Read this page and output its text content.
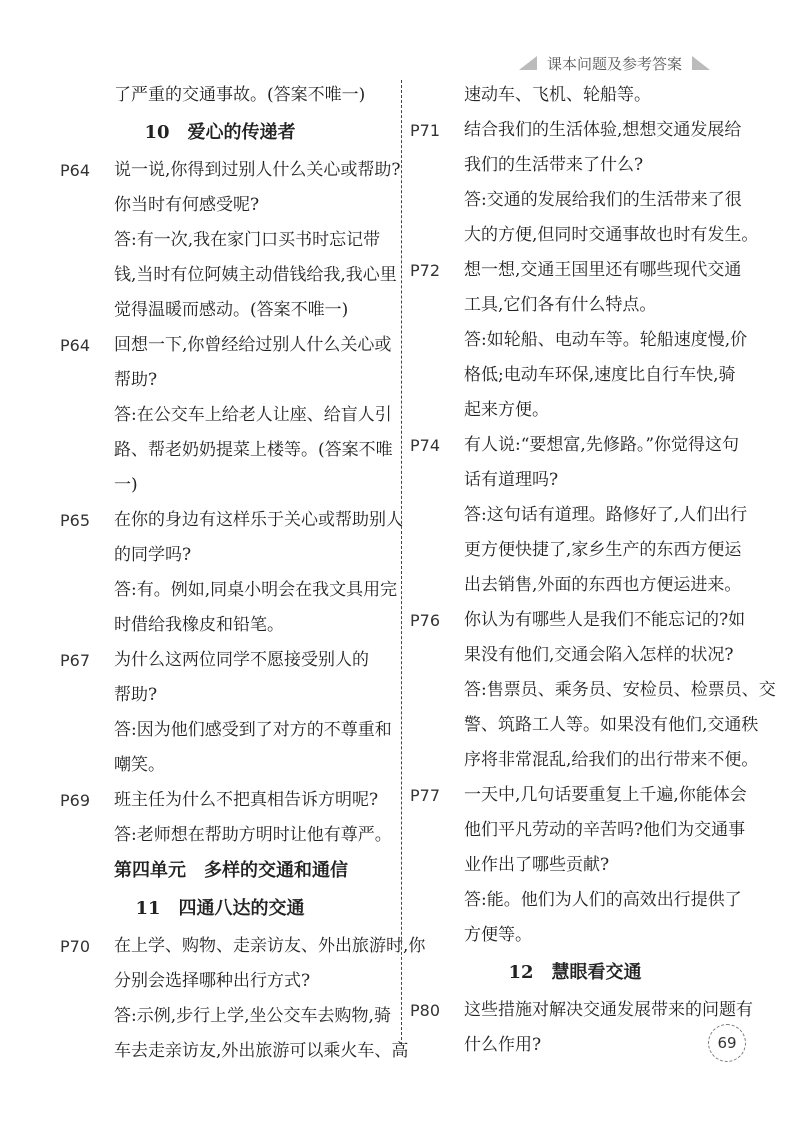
课本问题及参考答案
了严重的交通事故。(答案不唯一)
10　爱心的传递者
P64	说一说,你得到过别人什么关心或帮助?
你当时有何感受呢?
答:有一次,我在家门口买书时忘记带
钱,当时有位阿姨主动借钱给我,我心里
觉得温暖而感动。(答案不唯一)
P64	回想一下,你曾经给过别人什么关心或
帮助?
答:在公交车上给老人让座、给盲人引
路、帮老奶奶提菜上楼等。(答案不唯
一)
P65	在你的身边有这样乐于关心或帮助别人
的同学吗?
答:有。例如,同桌小明会在我文具用完
时借给我橡皮和铅笔。
P67	为什么这两位同学不愿接受别人的
帮助?
答:因为他们感受到了对方的不尊重和
嘲笑。
P69	班主任为什么不把真相告诉方明呢?
答:老师想在帮助方明时让他有尊严。
第四单元　多样的交通和通信
11　四通八达的交通
P70	在上学、购物、走亲访友、外出旅游时,你
分别会选择哪种出行方式?
答:示例,步行上学,坐公交车去购物,骑
车去走亲访友,外出旅游可以乘火车、高
速动车、飞机、轮船等。
P71	结合我们的生活体验,想想交通发展给
我们的生活带来了什么?
答:交通的发展给我们的生活带来了很
大的方便,但同时交通事故也时有发生。
P72	想一想,交通王国里还有哪些现代交通
工具,它们各有什么特点。
答:如轮船、电动车等。轮船速度慢,价
格低;电动车环保,速度比自行车快,骑
起来方便。
P74	有人说:“要想富,先修路。”你觉得这句
话有道理吗?
答:这句话有道理。路修好了,人们出行
更方便快捷了,家乡生产的东西方便运
出去销售,外面的东西也方便运进来。
P76	你认为有哪些人是我们不能忘记的?如
果没有他们,交通会陷入怎样的状况?
答:售票员、乘务员、安检员、检票员、交
警、筑路工人等。如果没有他们,交通秩
序将非常混乱,给我们的出行带来不便。
P77	一天中,几句话要重复上千遍,你能体会
他们平凡劳动的辛苦吗?他们为交通事
业作出了哪些贡献?
答:能。他们为人们的高效出行提供了
方便等。
12　慧眼看交通
P80	这些措施对解决交通发展带来的问题有
什么作用?	69
